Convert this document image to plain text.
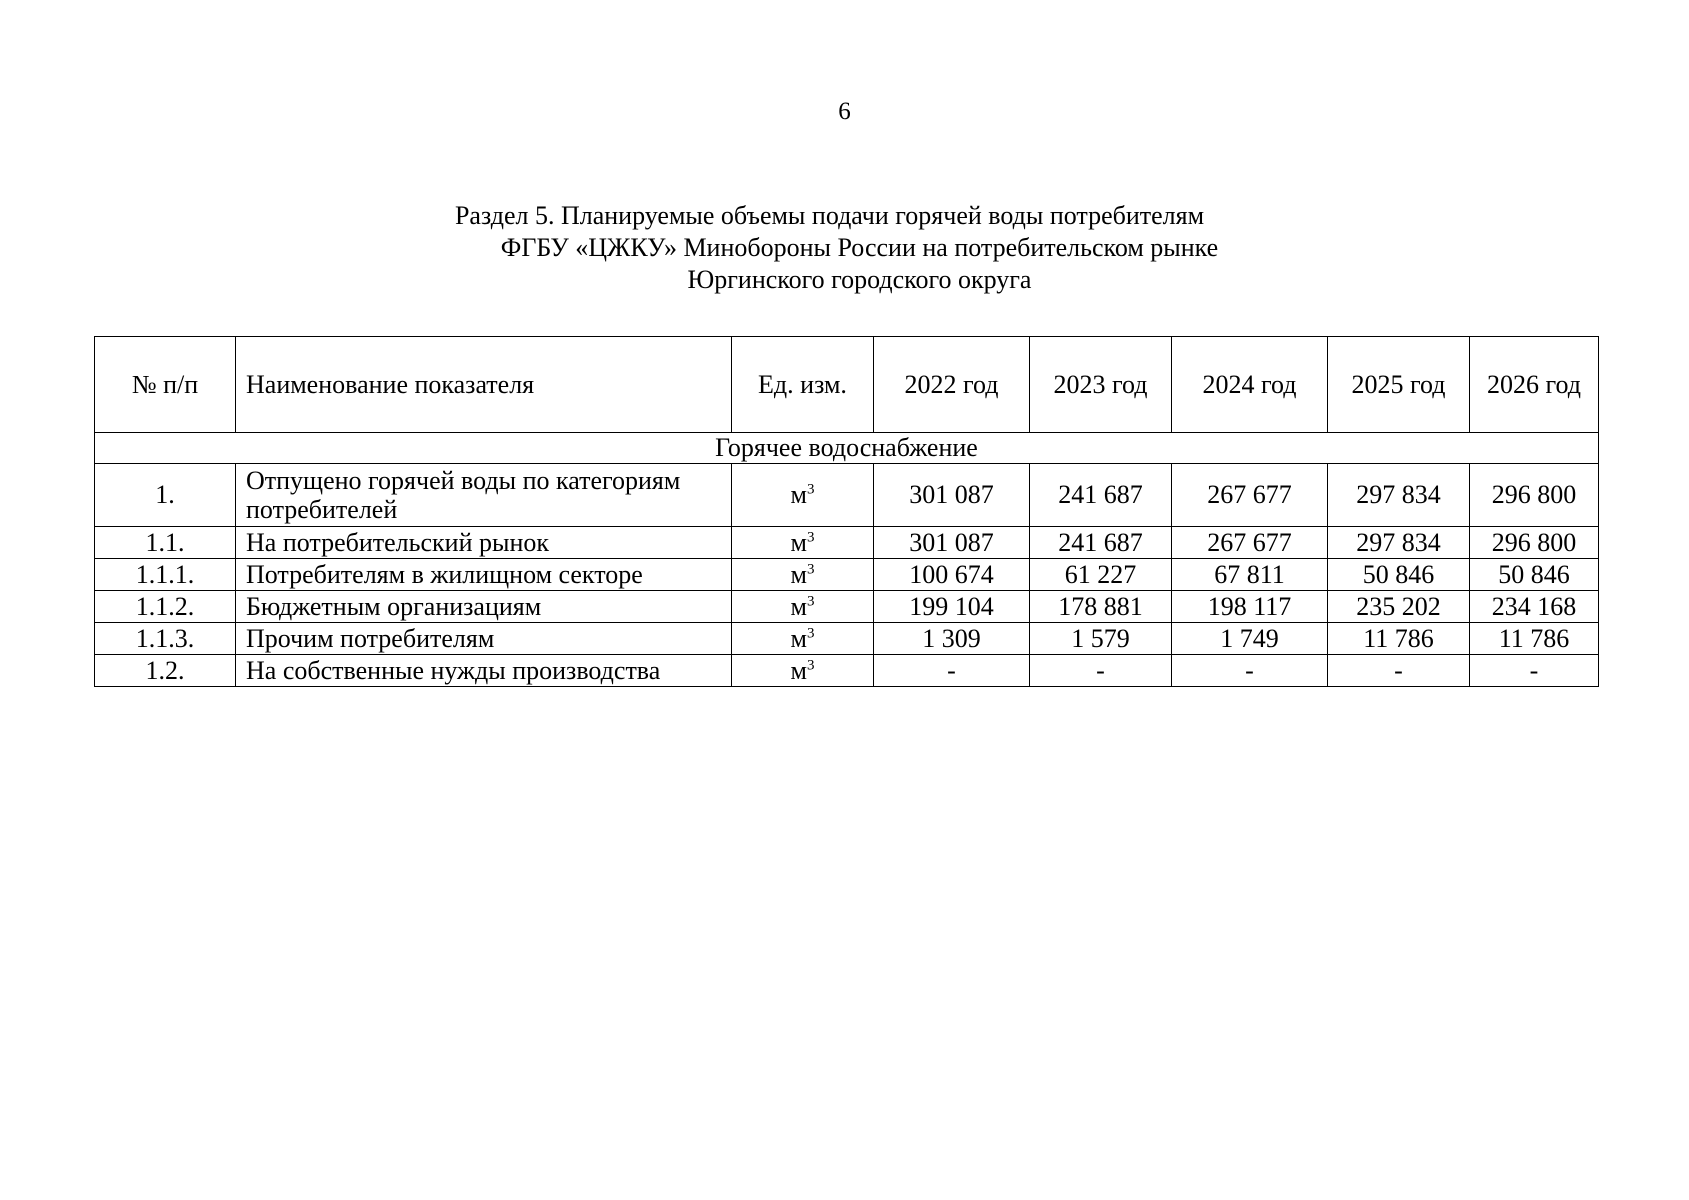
6
Раздел 5. Планируемые объемы подачи горячей воды потребителям
ФГБУ «ЦЖКУ» Минобороны России на потребительском рынке
Юргинского городского округа
№ п/п	Наименование показателя	Ед. изм.	2022 год	2023 год	2024 год	2025 год	2026 год
Горячее водоснабжение							
1.	Отпущено горячей воды по категориям потребителей	$м^3$	301 087	241 687	267 677	297 834	296 800
1.1.	На потребительский рынок	$м^3$	301 087	241 687	267 677	297 834	296 800
1.1.1.	Потребителям в жилищном секторе	$м^3$	100 674	61 227	67 811	50 846	50 846
1.1.2.	Бюджетным организациям	$м^3$	199 104	178 881	198 117	235 202	234 168
1.1.3.	Прочим потребителям	$м^3$	1 309	1 579	1 749	11 786	11 786
1.2.	На собственные нужды производства	$м^3$	-	-	-	-	-
